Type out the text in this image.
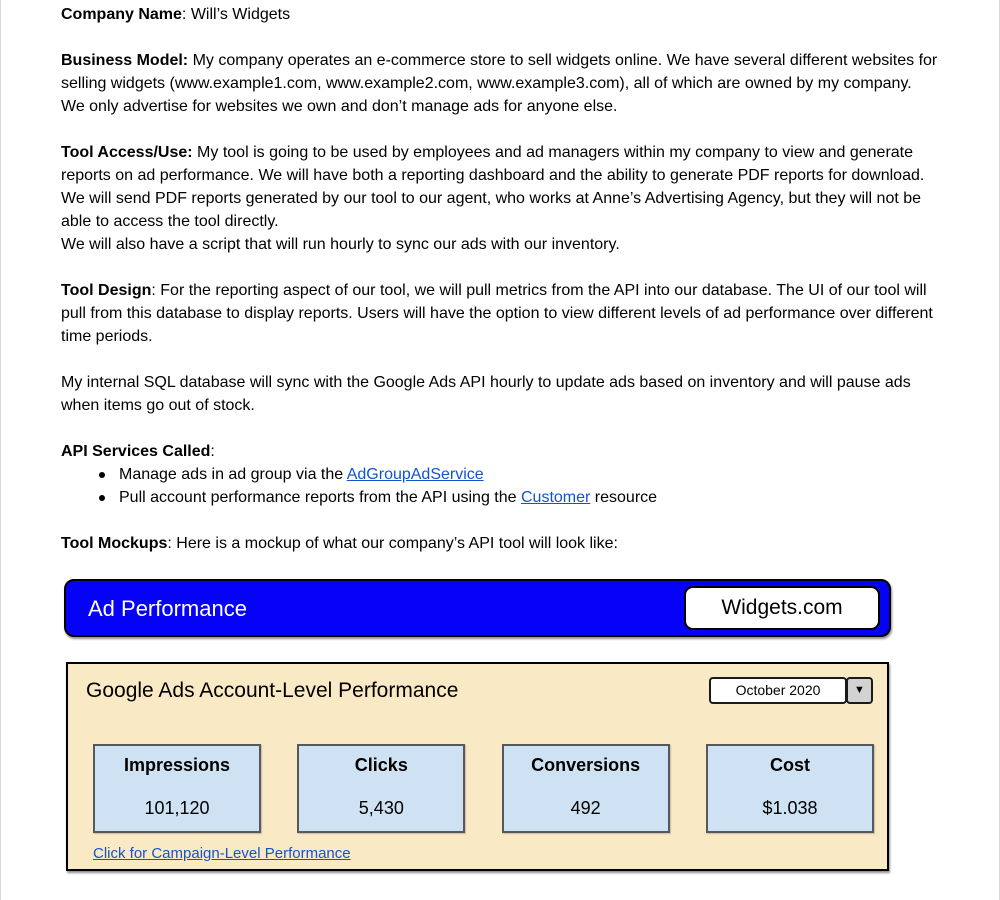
Company Name: Will’s Widgets

Business Model: My company operates an e-commerce store to sell widgets online. We have several different websites for selling widgets (www.example1.com, www.example2.com, www.example3.com), all of which are owned by my company. We only advertise for websites we own and don’t manage ads for anyone else.

Tool Access/Use: My tool is going to be used by employees and ad managers within my company to view and generate reports on ad performance. We will have both a reporting dashboard and the ability to generate PDF reports for download. We will send PDF reports generated by our tool to our agent, who works at Anne’s Advertising Agency, but they will not be able to access the tool directly.
We will also have a script that will run hourly to sync our ads with our inventory.

Tool Design: For the reporting aspect of our tool, we will pull metrics from the API into our database. The UI of our tool will pull from this database to display reports. Users will have the option to view different levels of ad performance over different time periods.

My internal SQL database will sync with the Google Ads API hourly to update ads based on inventory and will pause ads when items go out of stock.

API Services Called:

Manage ads in ad group via the AdGroupAdService
Pull account performance reports from the API using the Customer resource

Tool Mockups: Here is a mockup of what our company’s API tool will look like:

Ad Performance	Widgets.com
Google Ads Account-Level Performance	October 2020	▼
Impressions
101,120
Clicks
5,430
Conversions
492
Cost
$1.038
Click for Campaign-Level Performance
